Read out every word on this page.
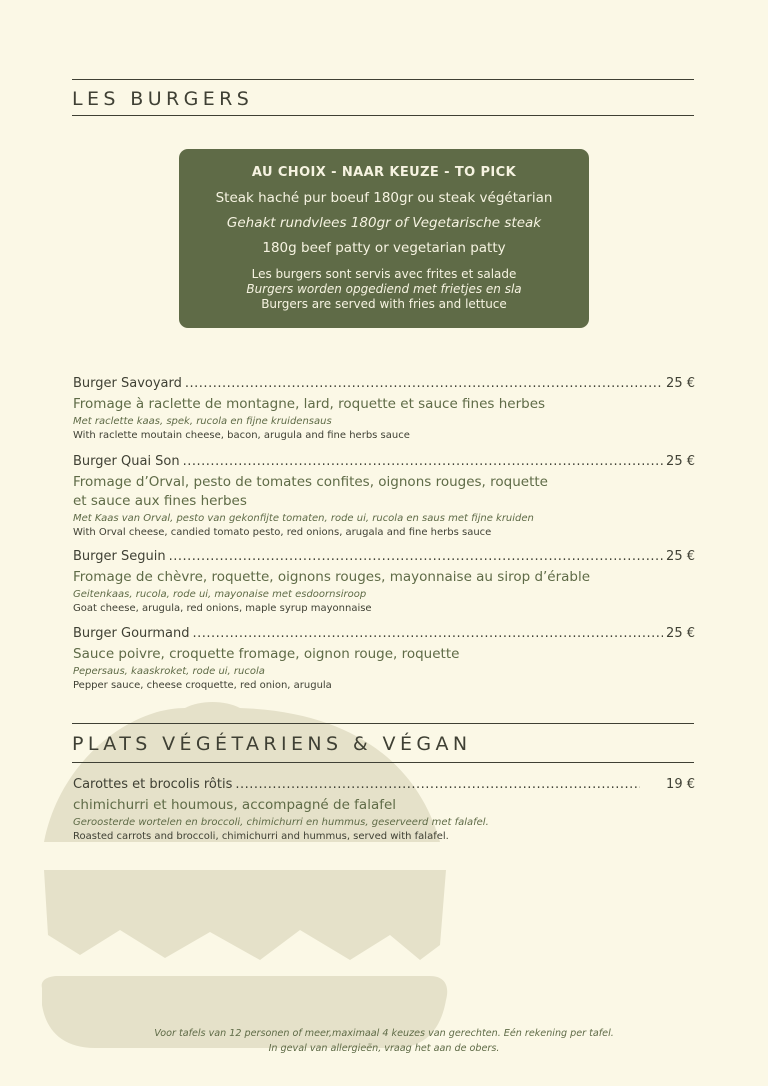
LES BURGERS
AU CHOIX - NAAR KEUZE - TO PICK
Steak haché pur boeuf 180gr ou steak végétarian
Gehakt rundvlees 180gr of Vegetarische steak
180g beef patty or vegetarian patty
Les burgers sont servis avec frites et salade
Burgers worden opgediend met frietjes en sla
Burgers are served with fries and lettuce
Burger Savoyard .....	25 €
Fromage à raclette de montagne, lard, roquette et sauce fines herbes
Met raclette kaas, spek, rucola en fijne kruidensaus
With raclette moutain cheese, bacon, arugula and fine herbs sauce
Burger Quai Son .....	25 €
Fromage d’Orval, pesto de tomates confites, oignons rouges, roquette
et sauce aux fines herbes
Met Kaas van Orval, pesto van gekonfijte tomaten, rode ui, rucola en saus met fijne kruiden
With Orval cheese, candied tomato pesto, red onions, arugala and fine herbs sauce
Burger Seguin .....	25 €
Fromage de chèvre, roquette, oignons rouges, mayonnaise au sirop d’érable
Geitenkaas, rucola, rode ui, mayonaise met esdoornsiroop
Goat cheese, arugula, red onions, maple syrup mayonnaise
Burger Gourmand .....	25 €
Sauce poivre, croquette fromage, oignon rouge, roquette
Pepersaus, kaaskroket, rode ui, rucola
Pepper sauce, cheese croquette, red onion, arugula
PLATS VÉGÉTARIENS & VÉGAN
Carottes et brocolis rôtis .....	19 €
chimichurri et houmous, accompagné de falafel
Geroosterde wortelen en broccoli, chimichurri en hummus, geserveerd met falafel.
Roasted carrots and broccoli, chimichurri and hummus, served with falafel.
Voor tafels van 12 personen of meer,maximaal 4 keuzes van gerechten. Eén rekening per tafel.
In geval van allergieën, vraag het aan de obers.
